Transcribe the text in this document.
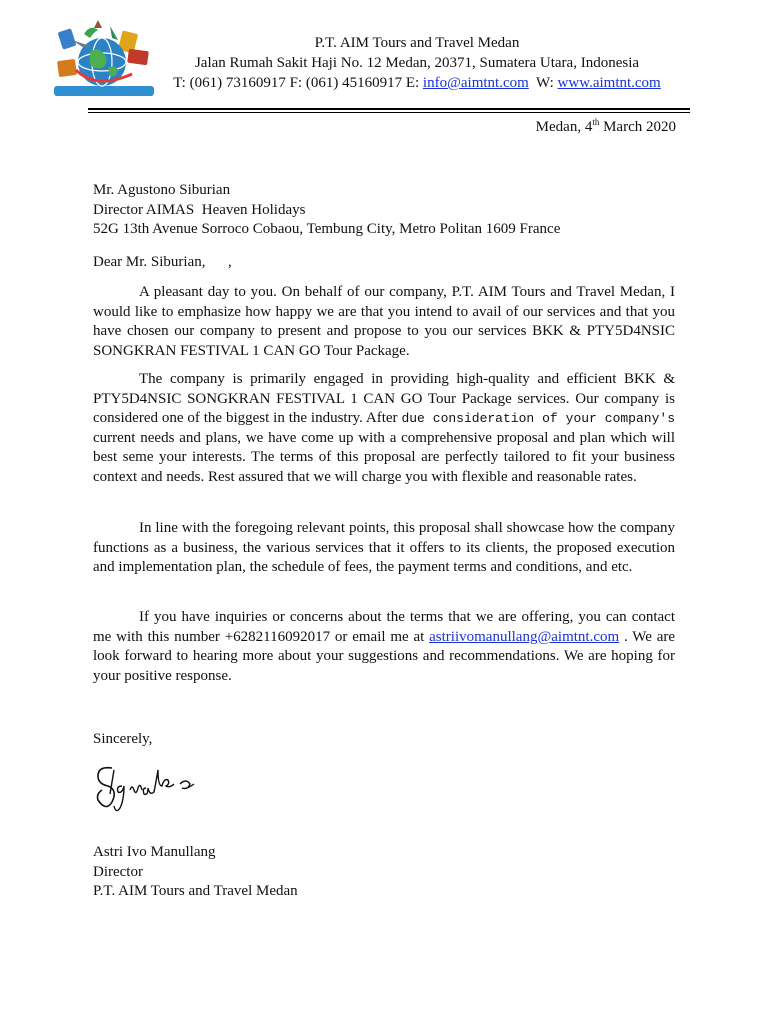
P.T. AIM Tours and Travel Medan
Jalan Rumah Sakit Haji No. 12 Medan, 20371, Sumatera Utara, Indonesia
T: (061) 73160917 F: (061) 45160917 E: info@aimtnt.com  W: www.aimtnt.com
Medan, 4th March 2020
Mr. Agustono Siburian
Director AIMAS  Heaven Holidays
52G 13th Avenue Sorroco Cobaou, Tembung City, Metro Politan 1609 France
Dear Mr. Siburian,      ,

A pleasant day to you. On behalf of our company, P.T. AIM Tours and Travel Medan, I would like to emphasize how happy we are that you intend to avail of our services and that you have chosen our company to present and propose to you our services BKK & PTY5D4NSIC SONGKRAN FESTIVAL 1 CAN GO Tour Package.

The company is primarily engaged in providing high-quality and efficient BKK & PTY5D4NSIC SONGKRAN FESTIVAL 1 CAN GO Tour Package services. Our company is considered one of the biggest in the industry. After due consideration of your company's current needs and plans, we have come up with a comprehensive proposal and plan which will best seme your interests. The terms of this proposal are perfectly tailored to fit your business context and needs. Rest assured that we will charge you with flexible and reasonable rates.

In line with the foregoing relevant points, this proposal shall showcase how the company functions as a business, the various services that it offers to its clients, the proposed execution and implementation plan, the schedule of fees, the payment terms and conditions, and etc.

If you have inquiries or concerns about the terms that we are offering, you can contact me with this number +6282116092017 or email me at astriivomanullang@aimtnt.com . We are look forward to hearing more about your suggestions and recommendations. We are hoping for your positive response.

Sincerely,
Astri Ivo Manullang
Director
P.T. AIM Tours and Travel Medan
